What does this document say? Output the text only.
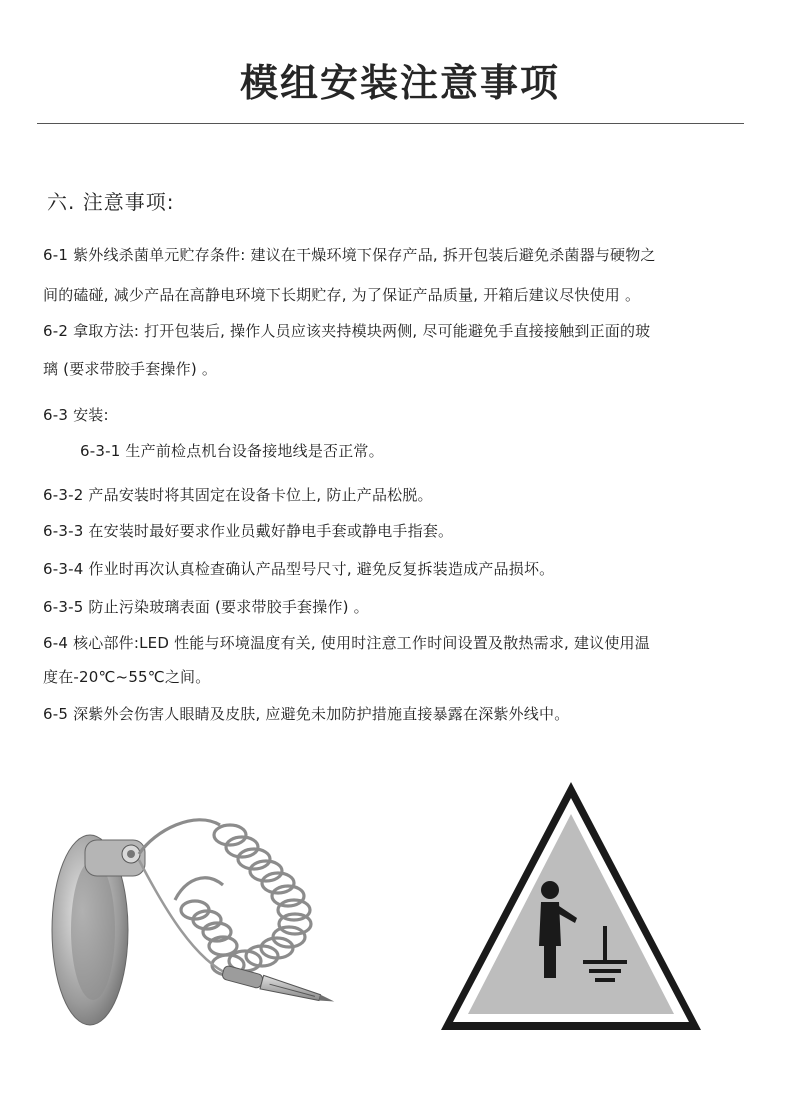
模组安装注意事项
六. 注意事项:
6-1 紫外线杀菌单元贮存条件: 建议在干燥环境下保存产品, 拆开包装后避免杀菌器与硬物之
间的磕碰, 减少产品在高静电环境下长期贮存, 为了保证产品质量, 开箱后建议尽快使用 。
6-2 拿取方法: 打开包装后, 操作人员应该夹持模块两侧, 尽可能避免手直接接触到正面的玻
璃 (要求带胶手套操作) 。
6-3 安装:
6-3-1 生产前检点机台设备接地线是否正常。
6-3-2 产品安装时将其固定在设备卡位上, 防止产品松脱。
6-3-3 在安装时最好要求作业员戴好静电手套或静电手指套。
6-3-4 作业时再次认真检查确认产品型号尺寸, 避免反复拆装造成产品损坏。
6-3-5 防止污染玻璃表面 (要求带胶手套操作) 。
6-4 核心部件:LED 性能与环境温度有关, 使用时注意工作时间设置及散热需求, 建议使用温
度在-20℃~55℃之间。
6-5 深紫外会伤害人眼睛及皮肤, 应避免未加防护措施直接暴露在深紫外线中。
